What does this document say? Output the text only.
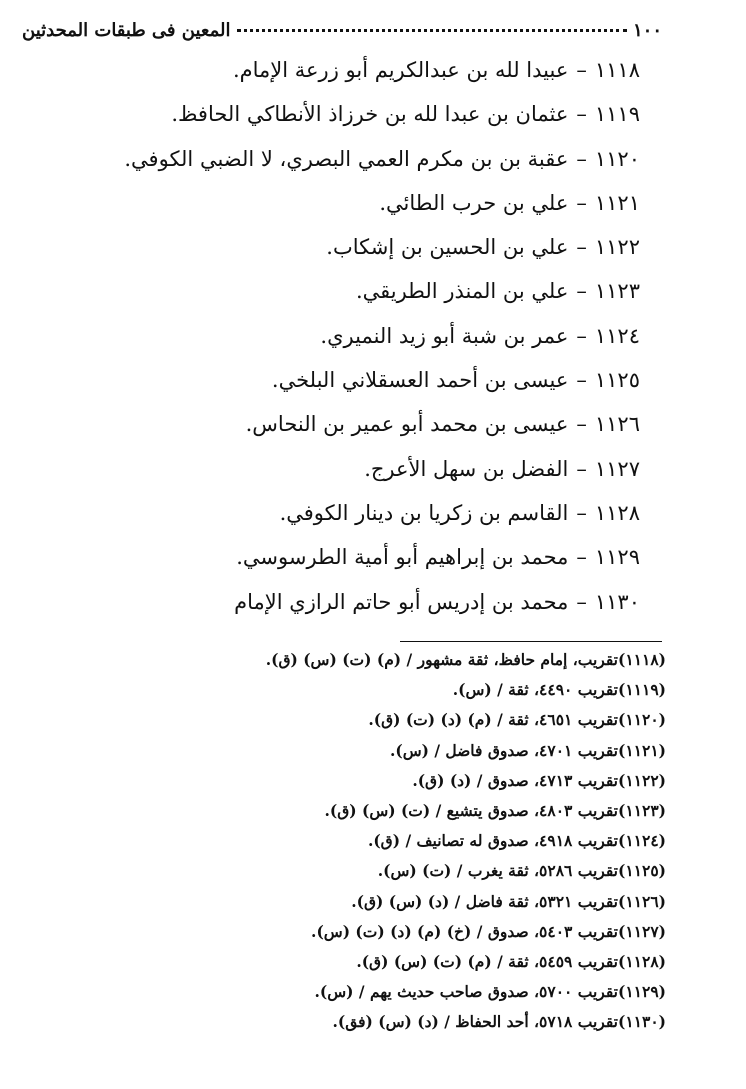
١٠٠
المعين فى طبقات المحدثين
١١١٨–عبيدا لله بن عبدالكريم أبو زرعة الإمام.
١١١٩–عثمان بن عبدا لله بن خرزاذ الأنطاكي الحافظ.
١١٢٠–عقبة بن بن مكرم العمي البصري، لا الضبي الكوفي.
١١٢١–علي بن حرب الطائي.
١١٢٢–علي بن الحسين بن إشكاب.
١١٢٣–علي بن المنذر الطريقي.
١١٢٤–عمر بن شبة أبو زيد النميري.
١١٢٥–عيسى بن أحمد العسقلاني البلخي.
١١٢٦–عيسى بن محمد أبو عمير بن النحاس.
١١٢٧–الفضل بن سهل الأعرج.
١١٢٨–القاسم بن زكريا بن دينار الكوفي.
١١٢٩–محمد بن إبراهيم أبو أمية الطرسوسي.
١١٣٠–محمد بن إدريس أبو حاتم الرازي الإمام
(١١١٨)تقريب، إمام حافظ، ثقة مشهور / (م) (ت) (س) (ق).
(١١١٩)تقريب ٤٤٩٠، ثقة / (س).
(١١٢٠)تقريب ٤٦٥١، ثقة / (م) (د) (ت) (ق).
(١١٢١)تقريب ٤٧٠١، صدوق فاضل / (س).
(١١٢٢)تقريب ٤٧١٣، صدوق / (د) (ق).
(١١٢٣)تقريب ٤٨٠٣، صدوق يتشيع / (ت) (س) (ق).
(١١٢٤)تقريب ٤٩١٨، صدوق له تصانيف / (ق).
(١١٢٥)تقريب ٥٢٨٦، ثقة يغرب / (ت) (س).
(١١٢٦)تقريب ٥٣٢١، ثقة فاضل / (د) (س) (ق).
(١١٢٧)تقريب ٥٤٠٣، صدوق / (خ) (م) (د) (ت) (س).
(١١٢٨)تقريب ٥٤٥٩، ثقة / (م) (ت) (س) (ق).
(١١٢٩)تقريب ٥٧٠٠، صدوق صاحب حديث يهم / (س).
(١١٣٠)تقريب ٥٧١٨، أحد الحفاظ / (د) (س) (فق).
